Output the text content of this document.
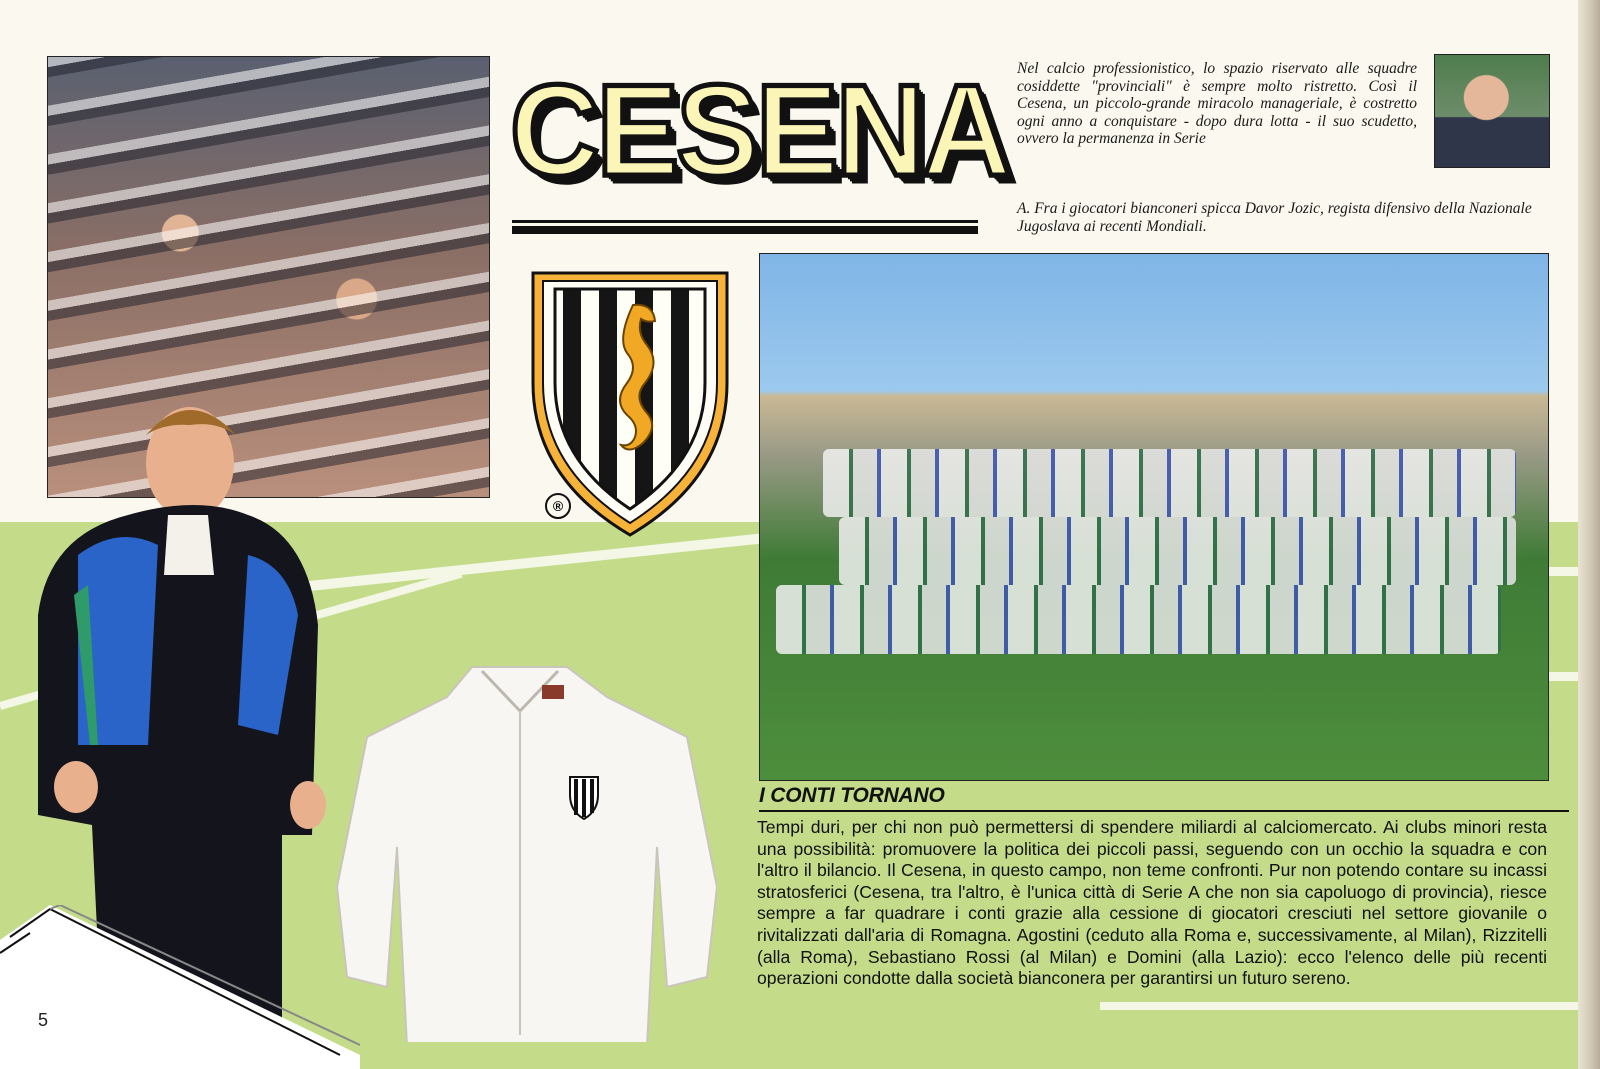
CESENA Nel calcio professionistico, lo spazio riservato alle squadre cosiddette "provinciali" è sempre molto ristretto. Così il Cesena, un piccolo-grande miracolo manageriale, è costretto ogni anno a conquistare - dopo dura lotta - il suo scudetto, ovvero la permanenza in Serie
A. Fra i giocatori bianconeri spicca Davor Jozic, regista difensivo della Nazionale Jugoslava ai recenti Mondiali.
®
I CONTI TORNANO
Tempi duri, per chi non può permettersi di spendere miliardi al calciomercato. Ai clubs minori resta una possibilità: promuovere la politica dei piccoli passi, seguendo con un occhio la squadra e con l'altro il bilancio. Il Cesena, in questo campo, non teme confronti. Pur non potendo contare su incassi stratosferici (Cesena, tra l'altro, è l'unica città di Serie A che non sia capoluogo di provincia), riesce sempre a far quadrare i conti grazie alla cessione di giocatori cresciuti nel settore giovanile o rivitalizzati dall'aria di Romagna. Agostini (ceduto alla Roma e, successivamente, al Milan), Rizzitelli (alla Roma), Sebastiano Rossi (al Milan) e Domini (alla Lazio): ecco l'elenco delle più recenti operazioni condotte dalla società bianconera per garantirsi un futuro sereno.
5
